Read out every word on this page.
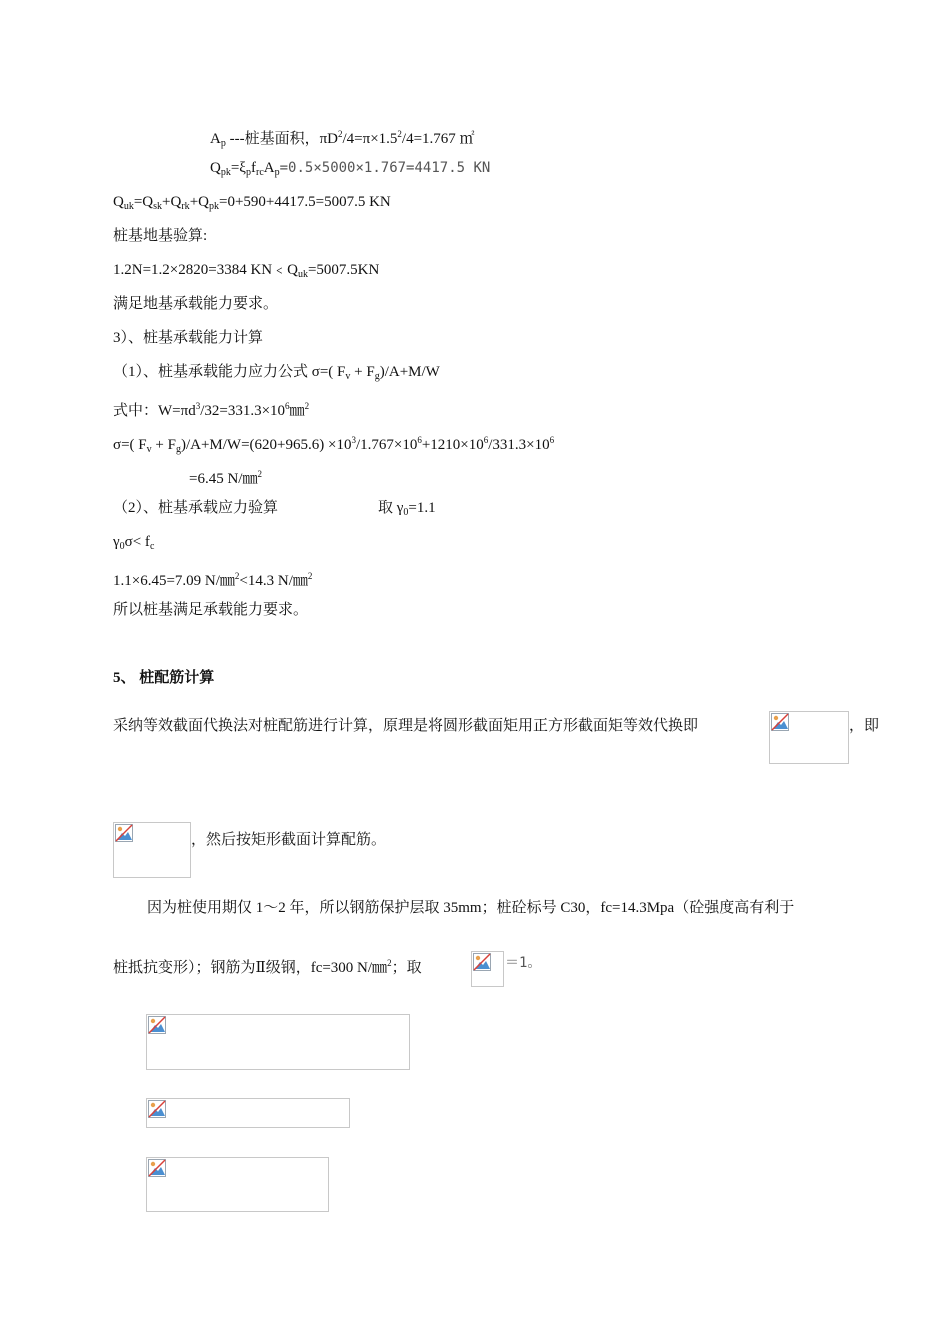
$A_p$ ---桩基面积，$\pi D^2/4=\pi\times 1.5^2/4=1.767$ ㎡
$Q_{pk}=\xi_pf_{rc}A_p=0.5\times 5000\times 1.767=4417.5$ KN
$Q_{uk}=Q_{sk}+Q_{rk}+Q_{pk}=0+590+4417.5=5007.5$ KN
桩基地基验算:
1.2N=1.2×2820=3384 $KN﹤Q_{uk}=5007.5KN$
满足地基承载能力要求。
3）、桩基承载能力计算
（1）、桩基承载能力应力公式 σ=( $F_v + F_g)/A+M/W$
式中：$W=\pi d^3/32=331.3\times 10^6㎜^2$
σ=( $F_v + F_g)/A+M/W=(620+965.6) \times 10^3/1.767\times 10^6+1210\times 10^6/331.3\times 10^6$
=6.45 N/㎜$^2$
（2）、桩基承载应力验算	取 $\gamma_0=1.1$
$\gamma_0\sigma< f_c$
1.1×6.45=7.09 N/㎜$^2$<14.3 N/㎜$^2$
所以桩基满足承载能力要求。
5、 桩配筋计算
采纳等效截面代换法对桩配筋进行计算，原理是将圆形截面矩用正方形截面矩等效代换即	，即
，然后按矩形截面计算配筋。
因为桩使用期仅 1～2 年，所以钢筋保护层取 35mm；桩砼标号 C30，fc=14.3Mpa（砼强度高有利于
桩抵抗变形）；钢筋为Ⅱ级钢，fc=300 N/㎜$^2$；取	＝1。
